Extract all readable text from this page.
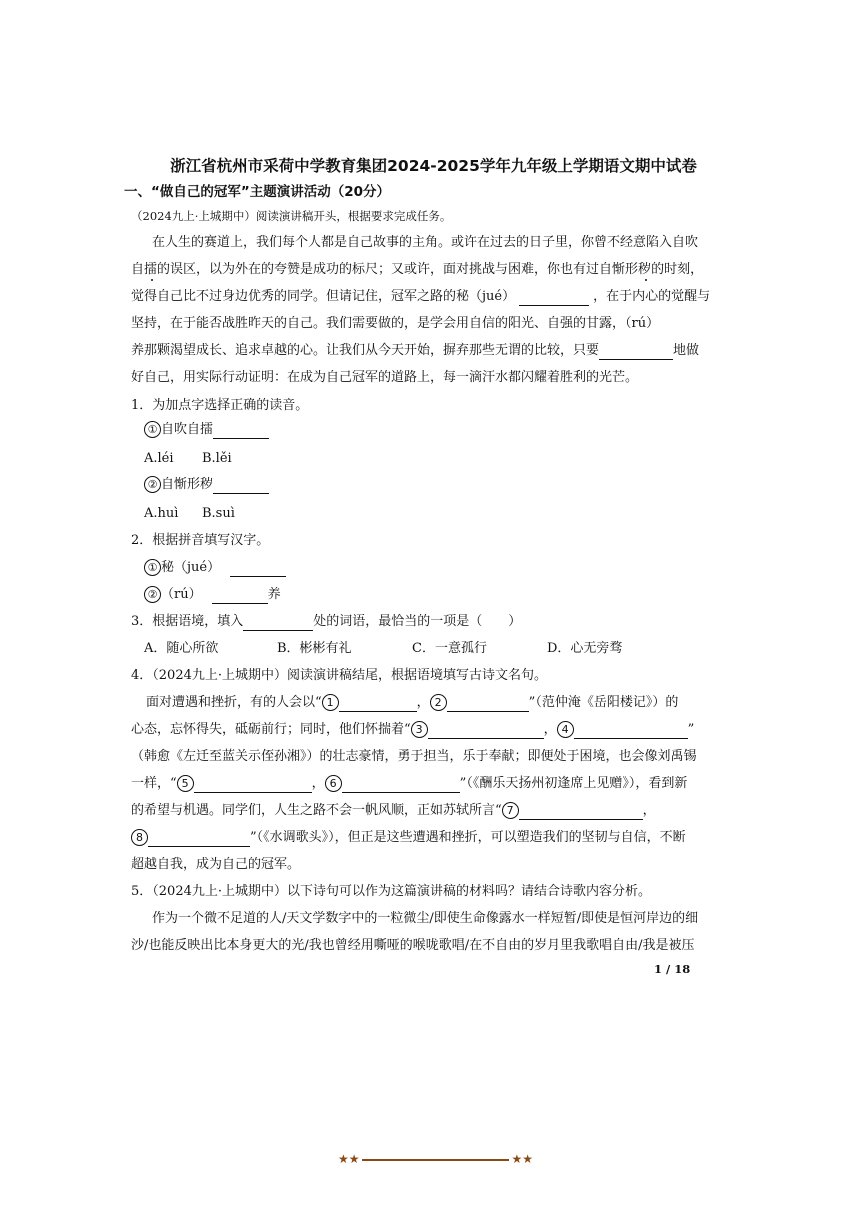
浙江省杭州市采荷中学教育集团2024-2025学年九年级上学期语文期中试卷
一、“做自己的冠军”主题演讲活动（20分）
（2024九上·上城期中）阅读演讲稿开头，根据要求完成任务。
在人生的赛道上，我们每个人都是自己故事的主角。或许在过去的日子里，你曾不经意陷入自吹
自擂的误区，以为外在的夸赞是成功的标尺；又或许，面对挑战与困难，你也有过自惭形秽的时刻，
觉得自己比不过身边优秀的同学。但请记住，冠军之路的秘（jué）	，在于内心的觉醒与
坚持，在于能否战胜昨天的自己。我们需要做的，是学会用自信的阳光、自强的甘露，（rú）
养那颗渴望成长、追求卓越的心。让我们从今天开始，摒弃那些无谓的比较，只要	地做
好自己，用实际行动证明：在成为自己冠军的道路上，每一滴汗水都闪耀着胜利的光芒。
1．为加点字选择正确的读音。
① 自吹自擂
A.léi B.lěi
② 自惭形秽
A.huì B.suì
2．根据拼音填写汉字。
① 秘（jué）
② （rú）	养
3．根据语境，填入	处的词语，最恰当的一项是（　　）
A．随心所欲	B．彬彬有礼	C．一意孤行	D．心无旁骛
4．（2024九上·上城期中）阅读演讲稿结尾，根据语境填写古诗文名句。
面对遭遇和挫折，有的人会以“ 1	， 2	”（范仲淹《岳阳楼记》）的
心态，忘怀得失，砥砺前行；同时，他们怀揣着“ 3	， 4	”
（韩愈《左迁至蓝关示侄孙湘》）的壮志豪情，勇于担当，乐于奉献；即便处于困境，也会像刘禹锡
一样，“ 5	， 6	”（《酬乐天扬州初逢席上见赠》），看到新
的希望与机遇。同学们，人生之路不会一帆风顺，正如苏轼所言“ 7	，
8	”（《水调歌头》），但正是这些遭遇和挫折，可以塑造我们的坚韧与自信，不断
超越自我，成为自己的冠军。
5．（2024九上·上城期中）以下诗句可以作为这篇演讲稿的材料吗？请结合诗歌内容分析。
作为一个微不足道的人/天文学数字中的一粒微尘/即使生命像露水一样短暂/即使是恒河岸边的细
沙/也能反映出比本身更大的光/我也曾经用嘶哑的喉咙歌唱/在不自由的岁月里我歌唱自由/我是被压
1 / 18
★★	★★
